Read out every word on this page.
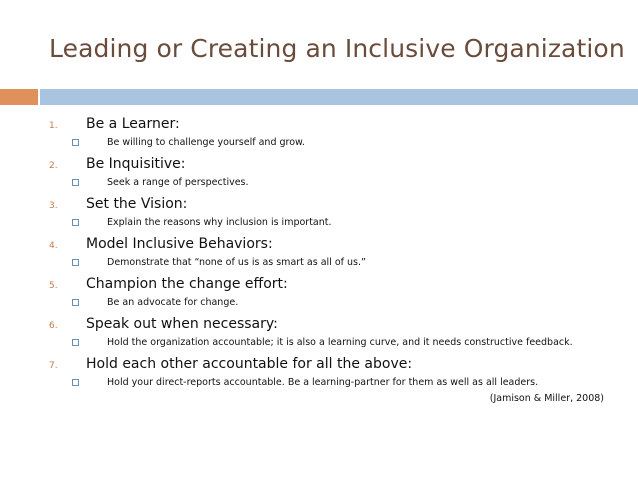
Leading or Creating an Inclusive Organization
1. Be a Learner:
Be willing to challenge yourself and grow.
2. Be Inquisitive:
Seek a range of perspectives.
3. Set the Vision:
Explain the reasons why inclusion is important.
4. Model Inclusive Behaviors:
Demonstrate that “none of us is as smart as all of us.”
5. Champion the change effort:
Be an advocate for change.
6. Speak out when necessary:
Hold the organization accountable; it is also a learning curve, and it needs constructive feedback.
7. Hold each other accountable for all the above:
Hold your direct-reports accountable. Be a learning-partner for them as well as all leaders.
(Jamison & Miller, 2008)
